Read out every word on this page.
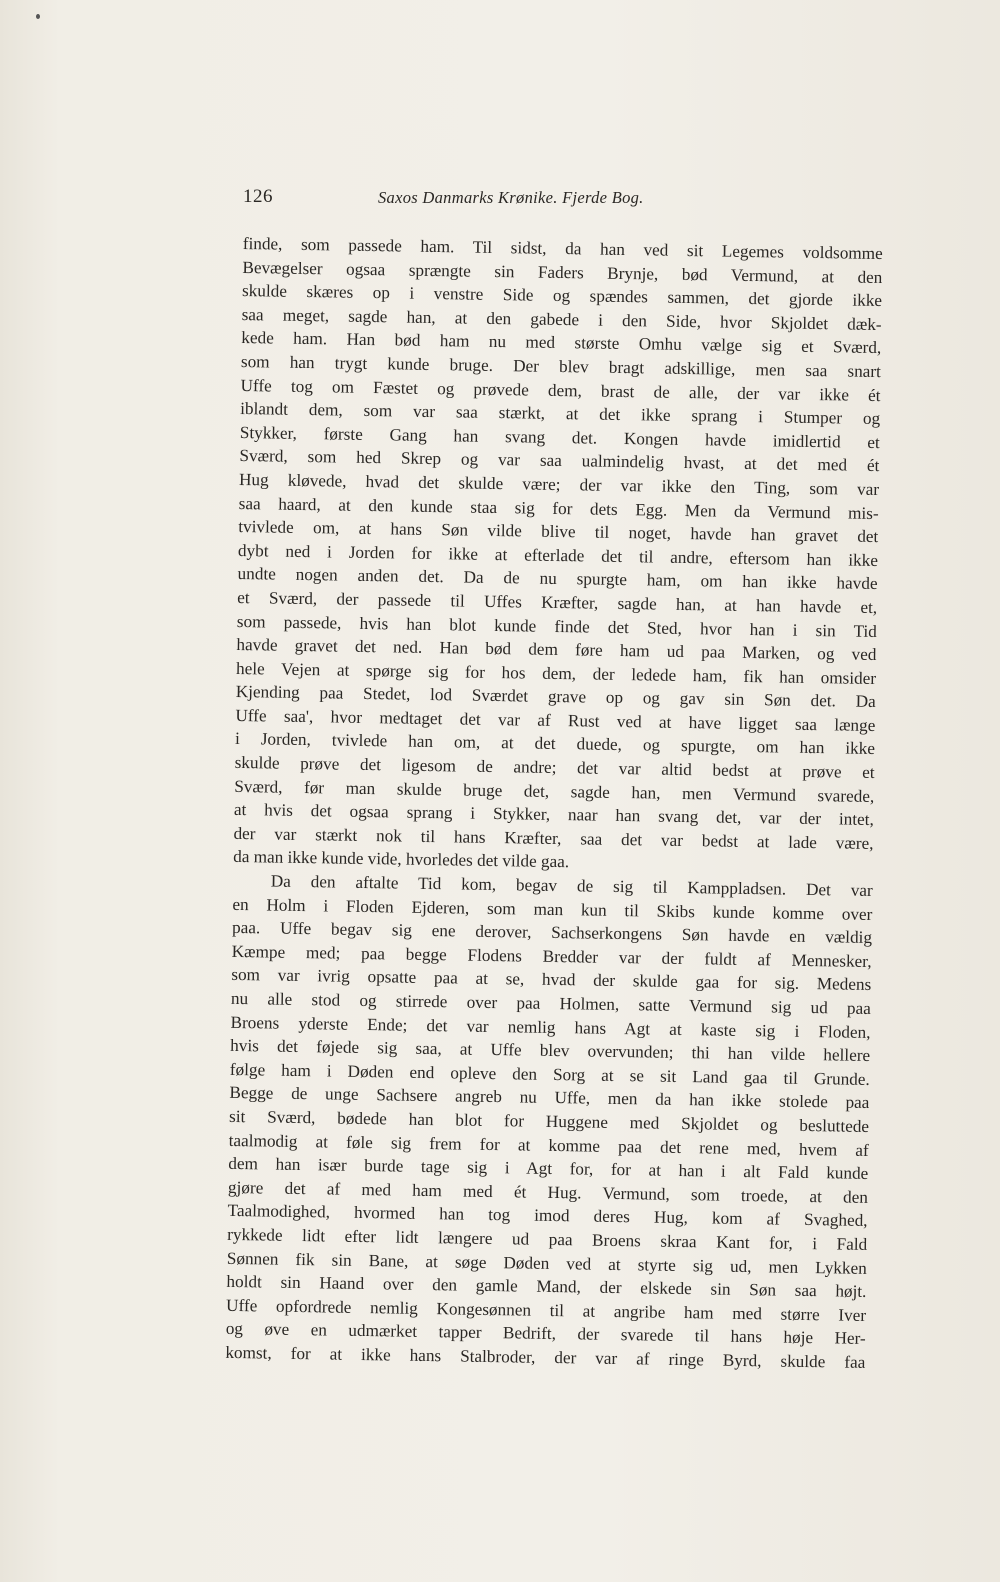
126	Saxos Danmarks Krønike. Fjerde Bog.
finde, som passede ham. Til sidst, da han ved sit Legemes voldsomme
Bevægelser ogsaa sprængte sin Faders Brynje, bød Vermund, at den
skulde skæres op i venstre Side og spændes sammen, det gjorde ikke
saa meget, sagde han, at den gabede i den Side, hvor Skjoldet dæk-
kede ham. Han bød ham nu med største Omhu vælge sig et Sværd,
som han trygt kunde bruge. Der blev bragt adskillige, men saa snart
Uffe tog om Fæstet og prøvede dem, brast de alle, der var ikke ét
iblandt dem, som var saa stærkt, at det ikke sprang i Stumper og
Stykker, første Gang han svang det. Kongen havde imidlertid et
Sværd, som hed Skrep og var saa ualmindelig hvast, at det med ét
Hug kløvede, hvad det skulde være; der var ikke den Ting, som var
saa haard, at den kunde staa sig for dets Egg. Men da Vermund mis-
tvivlede om, at hans Søn vilde blive til noget, havde han gravet det
dybt ned i Jorden for ikke at efterlade det til andre, eftersom han ikke
undte nogen anden det. Da de nu spurgte ham, om han ikke havde
et Sværd, der passede til Uffes Kræfter, sagde han, at han havde et,
som passede, hvis han blot kunde finde det Sted, hvor han i sin Tid
havde gravet det ned. Han bød dem føre ham ud paa Marken, og ved
hele Vejen at spørge sig for hos dem, der ledede ham, fik han omsider
Kjending paa Stedet, lod Sværdet grave op og gav sin Søn det. Da
Uffe saa', hvor medtaget det var af Rust ved at have ligget saa længe
i Jorden, tvivlede han om, at det duede, og spurgte, om han ikke
skulde prøve det ligesom de andre; det var altid bedst at prøve et
Sværd, før man skulde bruge det, sagde han, men Vermund svarede,
at hvis det ogsaa sprang i Stykker, naar han svang det, var der intet,
der var stærkt nok til hans Kræfter, saa det var bedst at lade være,
da man ikke kunde vide, hvorledes det vilde gaa.
Da den aftalte Tid kom, begav de sig til Kamppladsen. Det var
en Holm i Floden Ejderen, som man kun til Skibs kunde komme over
paa. Uffe begav sig ene derover, Sachserkongens Søn havde en vældig
Kæmpe med; paa begge Flodens Bredder var der fuldt af Mennesker,
som var ivrig opsatte paa at se, hvad der skulde gaa for sig. Medens
nu alle stod og stirrede over paa Holmen, satte Vermund sig ud paa
Broens yderste Ende; det var nemlig hans Agt at kaste sig i Floden,
hvis det føjede sig saa, at Uffe blev overvunden; thi han vilde hellere
følge ham i Døden end opleve den Sorg at se sit Land gaa til Grunde.
Begge de unge Sachsere angreb nu Uffe, men da han ikke stolede paa
sit Sværd, bødede han blot for Huggene med Skjoldet og besluttede
taalmodig at føle sig frem for at komme paa det rene med, hvem af
dem han især burde tage sig i Agt for, for at han i alt Fald kunde
gjøre det af med ham med ét Hug. Vermund, som troede, at den
Taalmodighed, hvormed han tog imod deres Hug, kom af Svaghed,
rykkede lidt efter lidt længere ud paa Broens skraa Kant for, i Fald
Sønnen fik sin Bane, at søge Døden ved at styrte sig ud, men Lykken
holdt sin Haand over den gamle Mand, der elskede sin Søn saa højt.
Uffe opfordrede nemlig Kongesønnen til at angribe ham med større Iver
og øve en udmærket tapper Bedrift, der svarede til hans høje Her-
komst, for at ikke hans Stalbroder, der var af ringe Byrd, skulde faa
